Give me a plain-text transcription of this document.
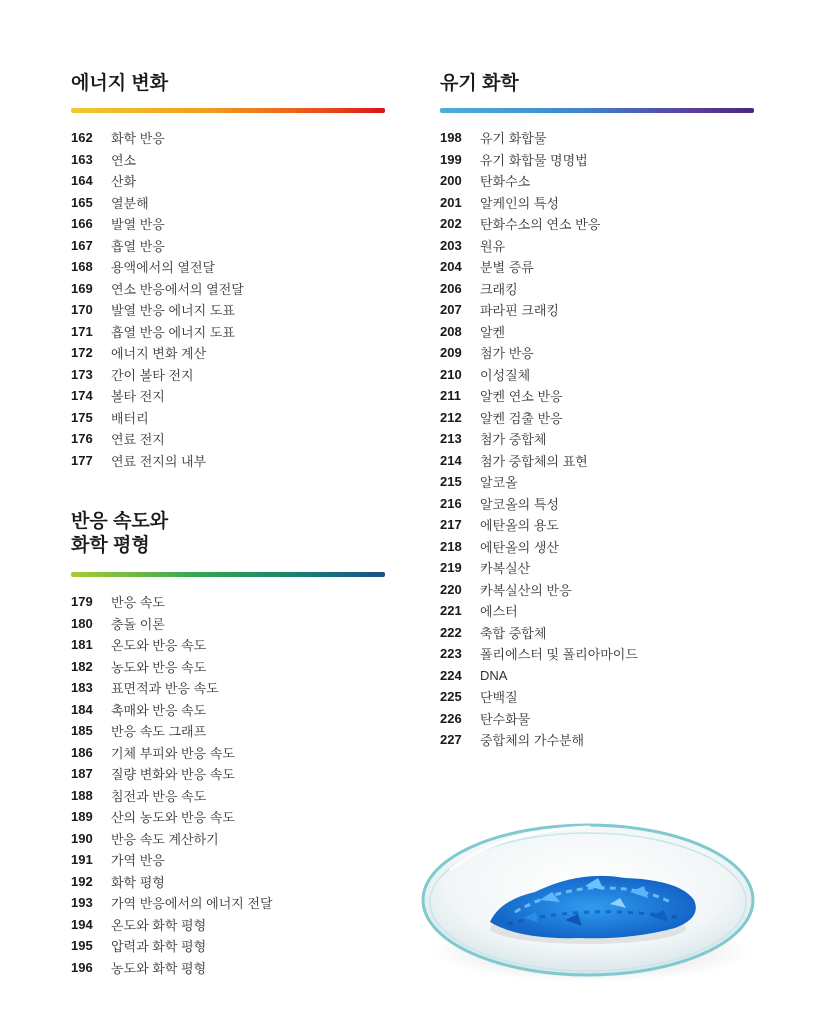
에너지 변화
162	화학 반응
163	연소
164	산화
165	열분해
166	발열 반응
167	흡열 반응
168	용액에서의 열전달
169	연소 반응에서의 열전달
170	발열 반응 에너지 도표
171	흡열 반응 에너지 도표
172	에너지 변화 계산
173	간이 볼타 전지
174	볼타 전지
175	배터리
176	연료 전지
177	연료 전지의 내부
반응 속도와
화학 평형
179	반응 속도
180	충돌 이론
181	온도와 반응 속도
182	농도와 반응 속도
183	표면적과 반응 속도
184	촉매와 반응 속도
185	반응 속도 그래프
186	기체 부피와 반응 속도
187	질량 변화와 반응 속도
188	침전과 반응 속도
189	산의 농도와 반응 속도
190	반응 속도 계산하기
191	가역 반응
192	화학 평형
193	가역 반응에서의 에너지 전달
194	온도와 화학 평형
195	압력과 화학 평형
196	농도와 화학 평형
유기 화학
198	유기 화합물
199	유기 화합물 명명법
200	탄화수소
201	알케인의 특성
202	탄화수소의 연소 반응
203	원유
204	분별 증류
206	크래킹
207	파라핀 크래킹
208	알켄
209	첨가 반응
210	이성질체
211	알켄 연소 반응
212	알켄 검출 반응
213	첨가 중합체
214	첨가 중합체의 표현
215	알코올
216	알코올의 특성
217	에탄올의 용도
218	에탄올의 생산
219	카복실산
220	카복실산의 반응
221	에스터
222	축합 중합체
223	폴리에스터 및 폴리아마이드
224	DNA
225	단백질
226	탄수화물
227	중합체의 가수분해
